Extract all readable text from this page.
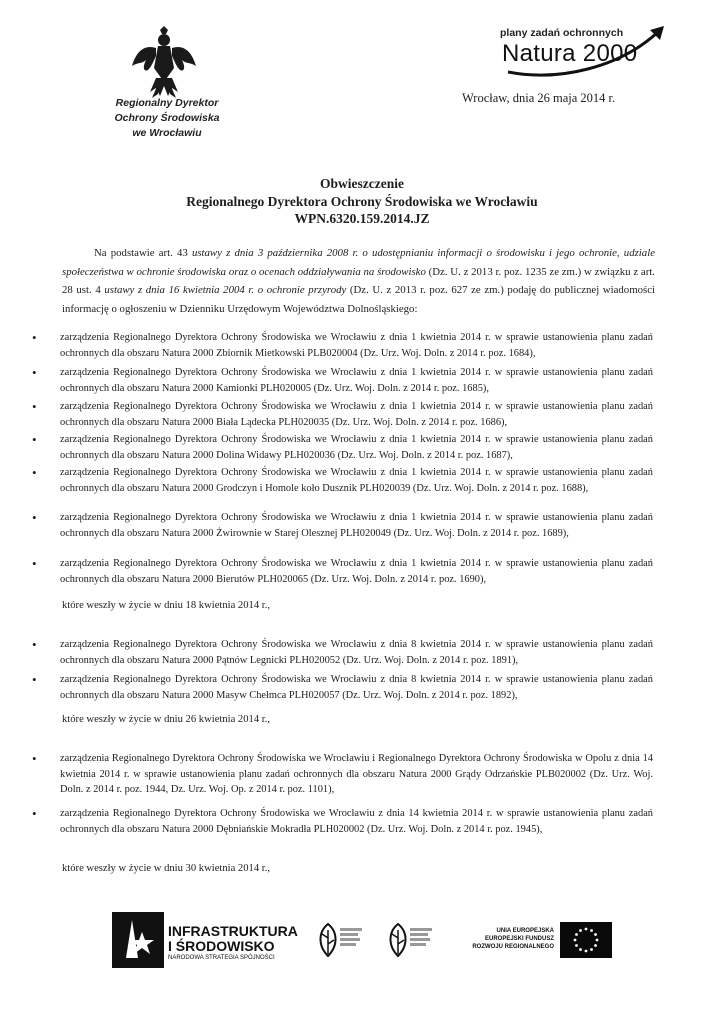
Regionalny Dyrektor
Ochrony Środowiska
we Wrocławiu
plany zadań ochronnych
Natura 2000
Wrocław, dnia 26 maja 2014 r.
Obwieszczenie
Regionalnego Dyrektora Ochrony Środowiska we Wrocławiu
WPN.6320.159.2014.JZ
Na podstawie art. 43 ustawy z dnia 3 października 2008 r. o udostępnianiu informacji o środowisku i jego ochronie, udziale społeczeństwa w ochronie środowiska oraz o ocenach oddziaływania na środowisko (Dz. U. z 2013 r. poz. 1235 ze zm.) w związku z art. 28 ust. 4 ustawy z dnia 16 kwietnia 2004 r. o ochronie przyrody (Dz. U. z 2013 r. poz. 627 ze zm.) podaję do publicznej wiadomości informację o ogłoszeniu w Dzienniku Urzędowym Województwa Dolnośląskiego:
• zarządzenia Regionalnego Dyrektora Ochrony Środowiska we Wrocławiu z dnia 1 kwietnia 2014 r. w sprawie ustanowienia planu zadań ochronnych dla obszaru Natura 2000 Zbiornik Mietkowski PLB020004 (Dz. Urz. Woj. Doln. z 2014 r. poz. 1684),
• zarządzenia Regionalnego Dyrektora Ochrony Środowiska we Wrocławiu z dnia 1 kwietnia 2014 r. w sprawie ustanowienia planu zadań ochronnych dla obszaru Natura 2000 Kamionki PLH020005 (Dz. Urz. Woj. Doln. z 2014 r. poz. 1685),
• zarządzenia Regionalnego Dyrektora Ochrony Środowiska we Wrocławiu z dnia 1 kwietnia 2014 r. w sprawie ustanowienia planu zadań ochronnych dla obszaru Natura 2000 Biała Lądecka PLH020035 (Dz. Urz. Woj. Doln. z 2014 r. poz. 1686),
• zarządzenia Regionalnego Dyrektora Ochrony Środowiska we Wrocławiu z dnia 1 kwietnia 2014 r. w sprawie ustanowienia planu zadań ochronnych dla obszaru Natura 2000 Dolina Widawy PLH020036 (Dz. Urz. Woj. Doln. z 2014 r. poz. 1687),
• zarządzenia Regionalnego Dyrektora Ochrony Środowiska we Wrocławiu z dnia 1 kwietnia 2014 r. w sprawie ustanowienia planu zadań ochronnych dla obszaru Natura 2000 Grodczyn i Homole koło Dusznik PLH020039 (Dz. Urz. Woj. Doln. z 2014 r. poz. 1688),
• zarządzenia Regionalnego Dyrektora Ochrony Środowiska we Wrocławiu z dnia 1 kwietnia 2014 r. w sprawie ustanowienia planu zadań ochronnych dla obszaru Natura 2000 Żwirownie w Starej Olesznej PLH020049 (Dz. Urz. Woj. Doln. z 2014 r. poz. 1689),
• zarządzenia Regionalnego Dyrektora Ochrony Środowiska we Wrocławiu z dnia 1 kwietnia 2014 r. w sprawie ustanowienia planu zadań ochronnych dla obszaru Natura 2000 Bierutów PLH020065 (Dz. Urz. Woj. Doln. z 2014 r. poz. 1690),
które weszły w życie w dniu 18 kwietnia 2014 r.,
• zarządzenia Regionalnego Dyrektora Ochrony Środowiska we Wrocławiu z dnia 8 kwietnia 2014 r. w sprawie ustanowienia planu zadań ochronnych dla obszaru Natura 2000 Pątnów Legnicki PLH020052 (Dz. Urz. Woj. Doln. z 2014 r. poz. 1891),
• zarządzenia Regionalnego Dyrektora Ochrony Środowiska we Wrocławiu z dnia 8 kwietnia 2014 r. w sprawie ustanowienia planu zadań ochronnych dla obszaru Natura 2000 Masyw Chełmca PLH020057 (Dz. Urz. Woj. Doln. z 2014 r. poz. 1892),
które weszły w życie w dniu 26 kwietnia 2014 r.,
• zarządzenia Regionalnego Dyrektora Ochrony Środowiska we Wrocławiu i Regionalnego Dyrektora Ochrony Środowiska w Opolu z dnia 14 kwietnia 2014 r. w sprawie ustanowienia planu zadań ochronnych dla obszaru Natura 2000 Grądy Odrzańskie PLB020002 (Dz. Urz. Woj. Doln. z 2014 r. poz. 1944, Dz. Urz. Woj. Op. z 2014 r. poz. 1101),
• zarządzenia Regionalnego Dyrektora Ochrony Środowiska we Wrocławiu z dnia 14 kwietnia 2014 r. w sprawie ustanowienia planu zadań ochronnych dla obszaru Natura 2000 Dębniańskie Mokradła PLH020002 (Dz. Urz. Woj. Doln. z 2014 r. poz. 1945),
które weszły w życie w dniu 30 kwietnia 2014 r.,
INFRASTRUKTURA
I ŚRODOWISKO
NARODOWA STRATEGIA SPÓJNOŚCI
UNIA EUROPEJSKA
EUROPEJSKI FUNDUSZ
ROZWOJU REGIONALNEGO
